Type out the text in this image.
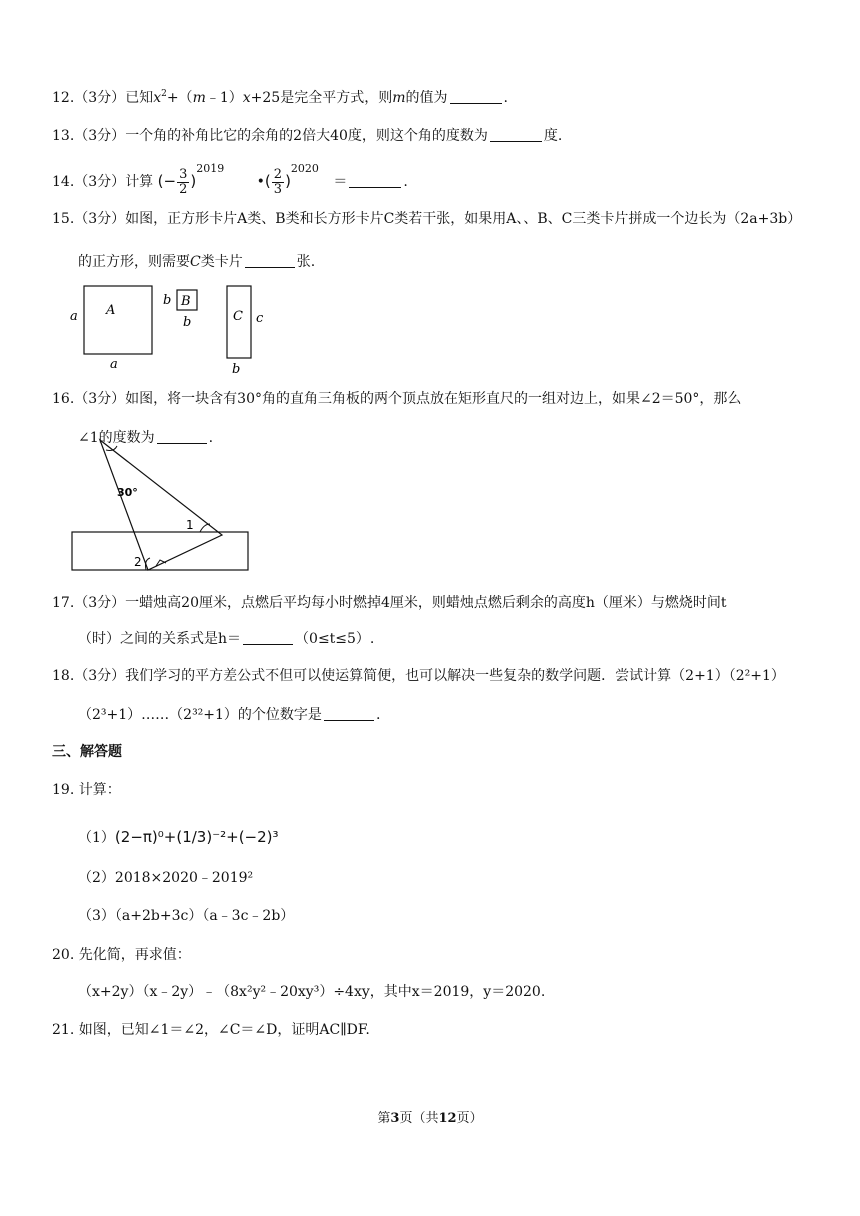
12.（3分）已知$x^2+(m﹣1)x+25$是完全平方式，则m的值为	.
13.（3分）一个角的补角比它的余角的2倍大40度，则这个角的度数为	度.
14.（3分）计算 (− $\frac{3}{2} )^{2019}$ •( $\frac{2}{3} )^{2020}$ ＝	.
15.（3分）如图，正方形卡片A类、B类和长方形卡片C类若干张，如果用A、、B、C三类卡片拼成一个边长为（2a+3b）
的正方形，则需要C类卡片	张.
A
a
a
B
b
b	C c
b
16.（3分）如图，将一块含有30°角的直角三角板的两个顶点放在矩形直尺的一组对边上，如果∠2＝50°，那么
∠1的度数为	.
30°
1
2
17.（3分）一蜡烛高20厘米，点燃后平均每小时燃掉4厘米，则蜡烛点燃后剩余的高度h（厘米）与燃烧时间t
（时）之间的关系式是h＝	（0≤t≤5）.
18.（3分）我们学习的平方差公式不但可以使运算简便，也可以解决一些复杂的数学问题．尝试计算（2+1）（2²+1）
（2³+1）……（2³²+1）的个位数字是	.
三、解答题
19. 计算：
（1）(2−π)⁰+(1/3)⁻²+(−2)³
（2）2018×2020﹣2019²
（3）（a+2b+3c）（a﹣3c﹣2b）
20. 先化简，再求值：
（x+2y）（x﹣2y）﹣（8x²y²﹣20xy³）÷4xy，其中x＝2019，y＝2020.
21. 如图，已知∠1＝∠2，∠C＝∠D，证明AC∥DF.
第3页（共12页）
